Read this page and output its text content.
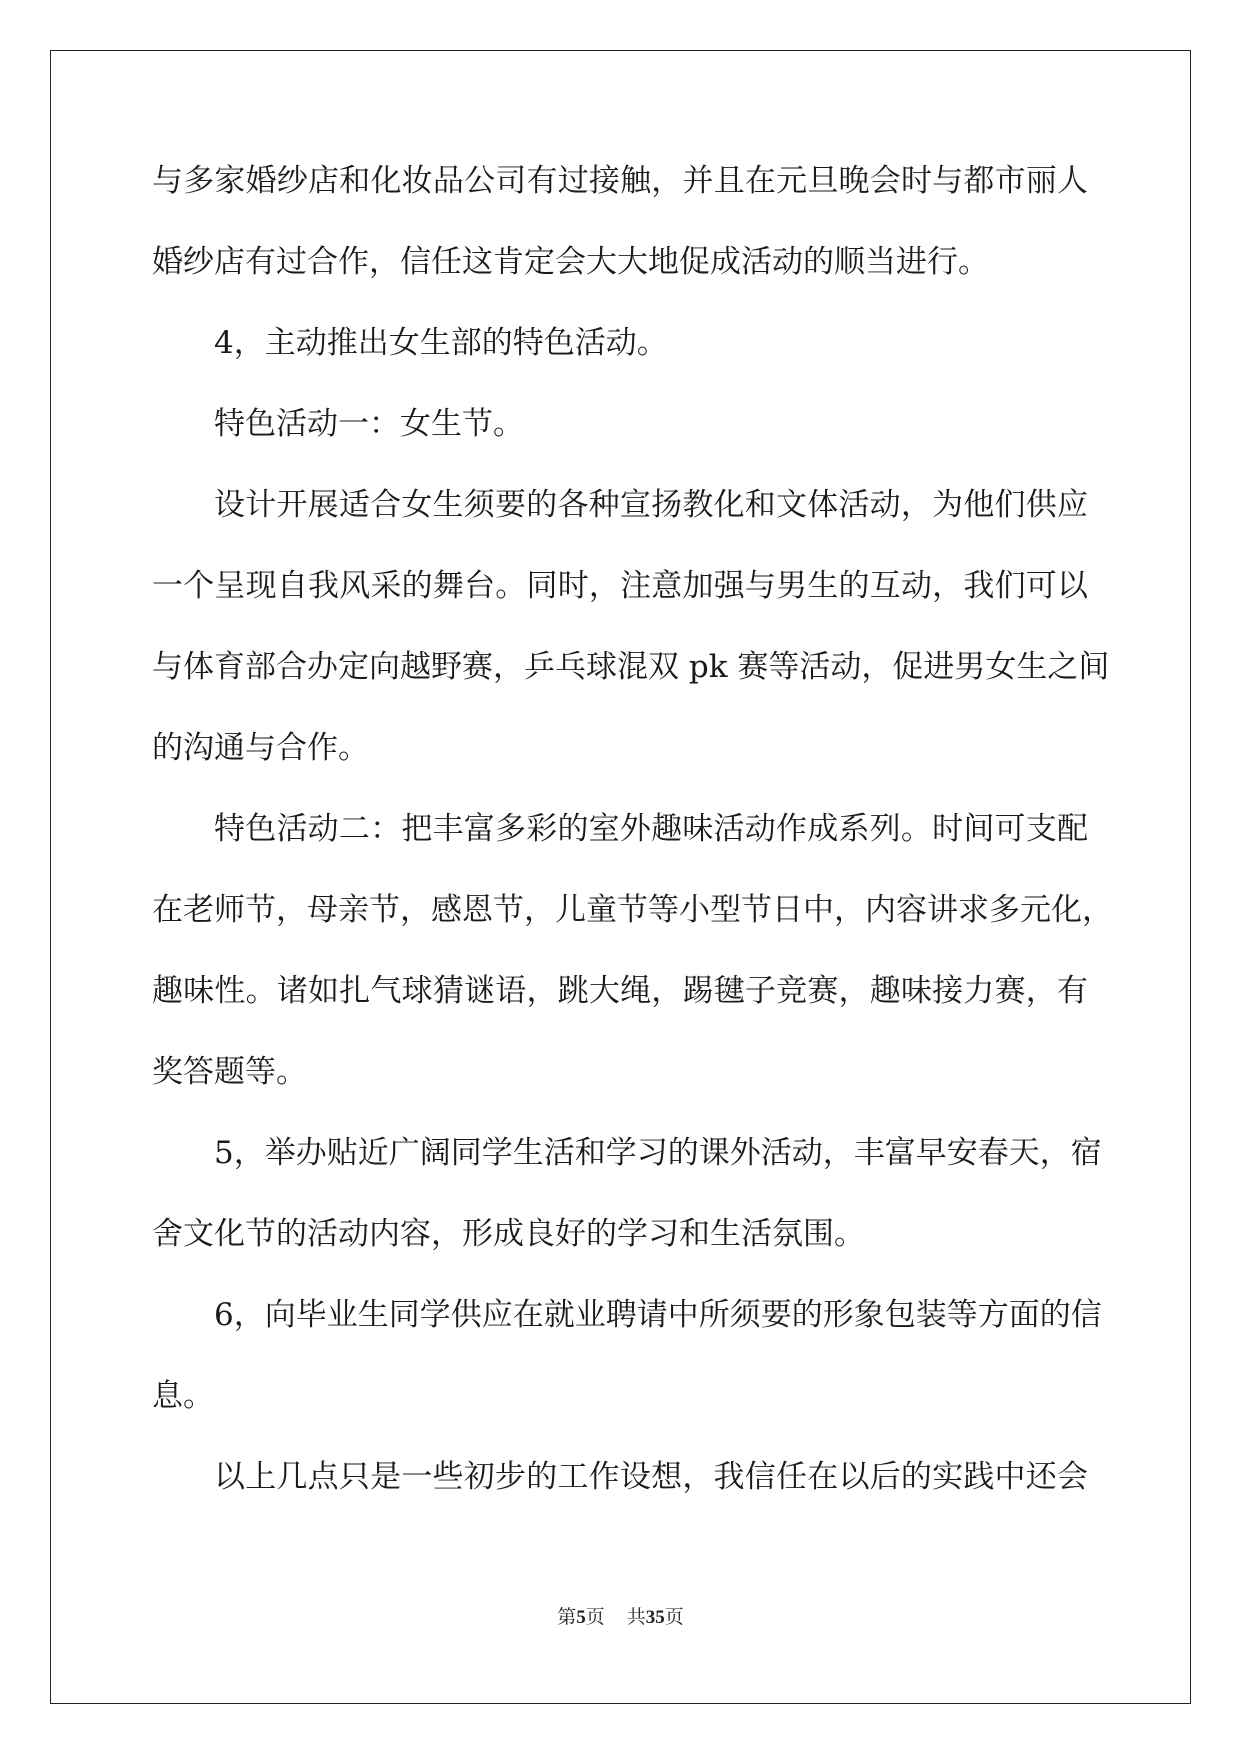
与多家婚纱店和化妆品公司有过接触，并且在元旦晚会时与都市丽人
婚纱店有过合作，信任这肯定会大大地促成活动的顺当进行。
4，主动推出女生部的特色活动。
特色活动一：女生节。
设计开展适合女生须要的各种宣扬教化和文体活动，为他们供应
一个呈现自我风采的舞台。同时，注意加强与男生的互动，我们可以
与体育部合办定向越野赛，乒乓球混双 pk 赛等活动，促进男女生之间
的沟通与合作。
特色活动二：把丰富多彩的室外趣味活动作成系列。时间可支配
在老师节，母亲节，感恩节，儿童节等小型节日中，内容讲求多元化，
趣味性。诸如扎气球猜谜语，跳大绳，踢毽子竞赛，趣味接力赛，有
奖答题等。
5，举办贴近广阔同学生活和学习的课外活动，丰富早安春天，宿
舍文化节的活动内容，形成良好的学习和生活氛围。
6，向毕业生同学供应在就业聘请中所须要的形象包装等方面的信
息。
以上几点只是一些初步的工作设想，我信任在以后的实践中还会
第5页 共35页
